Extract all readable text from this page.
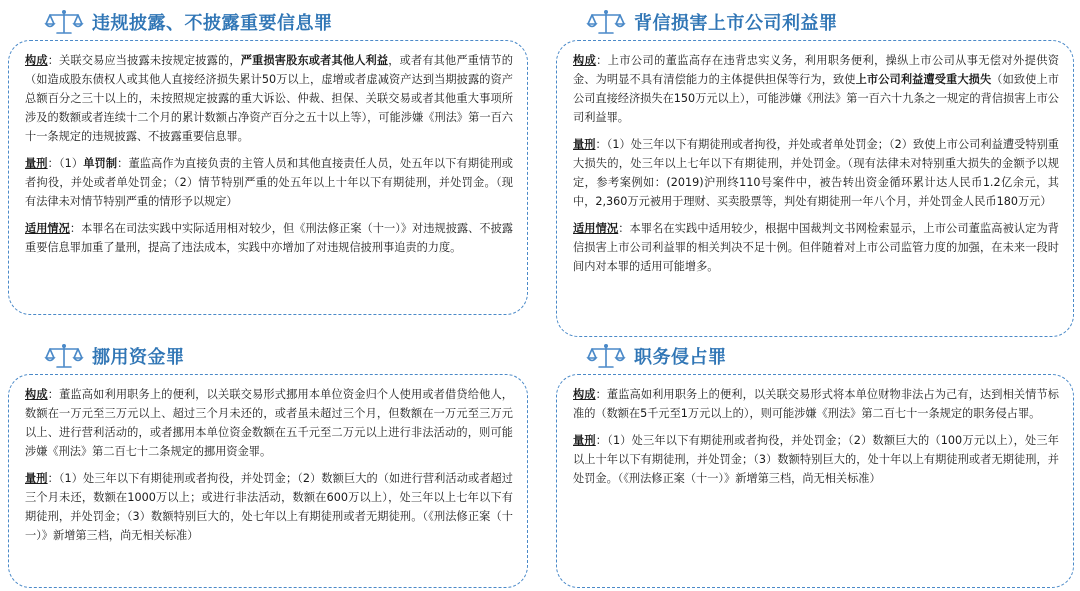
违规披露、不披露重要信息罪

构成：关联交易应当披露未按规定披露的，严重损害股东或者其他人利益，或者有其他严重情节的（如造成股东债权人或其他人直接经济损失累计50万以上，虚增或者虚减资产达到当期披露的资产总额百分之三十以上的，未按照规定披露的重大诉讼、仲裁、担保、关联交易或者其他重大事项所涉及的数额或者连续十二个月的累计数额占净资产百分之五十以上等），可能涉嫌《刑法》第一百六十一条规定的违规披露、不披露重要信息罪。

量刑：（1）单罚制：董监高作为直接负责的主管人员和其他直接责任人员，处五年以下有期徒刑或者拘役，并处或者单处罚金；（2）情节特别严重的处五年以上十年以下有期徒刑，并处罚金。（现有法律未对情节特别严重的情形予以规定）

适用情况：本罪名在司法实践中实际适用相对较少，但《刑法修正案（十一）》对违规披露、不披露重要信息罪加重了量刑，提高了违法成本，实践中亦增加了对违规信披刑事追责的力度。

背信损害上市公司利益罪

构成：上市公司的董监高存在违背忠实义务，利用职务便利，操纵上市公司从事无偿对外提供资金、为明显不具有清偿能力的主体提供担保等行为，致使上市公司利益遭受重大损失（如致使上市公司直接经济损失在150万元以上），可能涉嫌《刑法》第一百六十九条之一规定的背信损害上市公司利益罪。

量刑：（1）处三年以下有期徒刑或者拘役，并处或者单处罚金；（2）致使上市公司利益遭受特别重大损失的，处三年以上七年以下有期徒刑，并处罚金。（现有法律未对特别重大损失的金额予以规定，参考案例如：(2019)沪刑终110号案件中，被告转出资金循环累计达人民币1.2亿余元，其中，2,360万元被用于理财、买卖股票等，判处有期徒刑一年八个月，并处罚金人民币180万元）

适用情况：本罪名在实践中适用较少，根据中国裁判文书网检索显示，上市公司董监高被认定为背信损害上市公司利益罪的相关判决不足十例。但伴随着对上市公司监管力度的加强，在未来一段时间内对本罪的适用可能增多。

挪用资金罪

构成：董监高如利用职务上的便利，以关联交易形式挪用本单位资金归个人使用或者借贷给他人，数额在一万元至三万元以上、超过三个月未还的，或者虽未超过三个月，但数额在一万元至三万元以上、进行营利活动的，或者挪用本单位资金数额在五千元至二万元以上进行非法活动的，则可能涉嫌《刑法》第二百七十二条规定的挪用资金罪。

量刑：（1）处三年以下有期徒刑或者拘役，并处罚金；（2）数额巨大的（如进行营利活动或者超过三个月未还，数额在1000万以上；或进行非法活动，数额在600万以上），处三年以上七年以下有期徒刑，并处罚金；（3）数额特别巨大的，处七年以上有期徒刑或者无期徒刑。（《刑法修正案（十一）》新增第三档，尚无相关标准）

职务侵占罪

构成：董监高如利用职务上的便利，以关联交易形式将本单位财物非法占为己有，达到相关情节标准的（数额在5千元至1万元以上的），则可能涉嫌《刑法》第二百七十一条规定的职务侵占罪。

量刑：（1）处三年以下有期徒刑或者拘役，并处罚金；（2）数额巨大的（100万元以上），处三年以上十年以下有期徒刑，并处罚金；（3）数额特别巨大的，处十年以上有期徒刑或者无期徒刑，并处罚金。（《刑法修正案（十一）》新增第三档，尚无相关标准）
